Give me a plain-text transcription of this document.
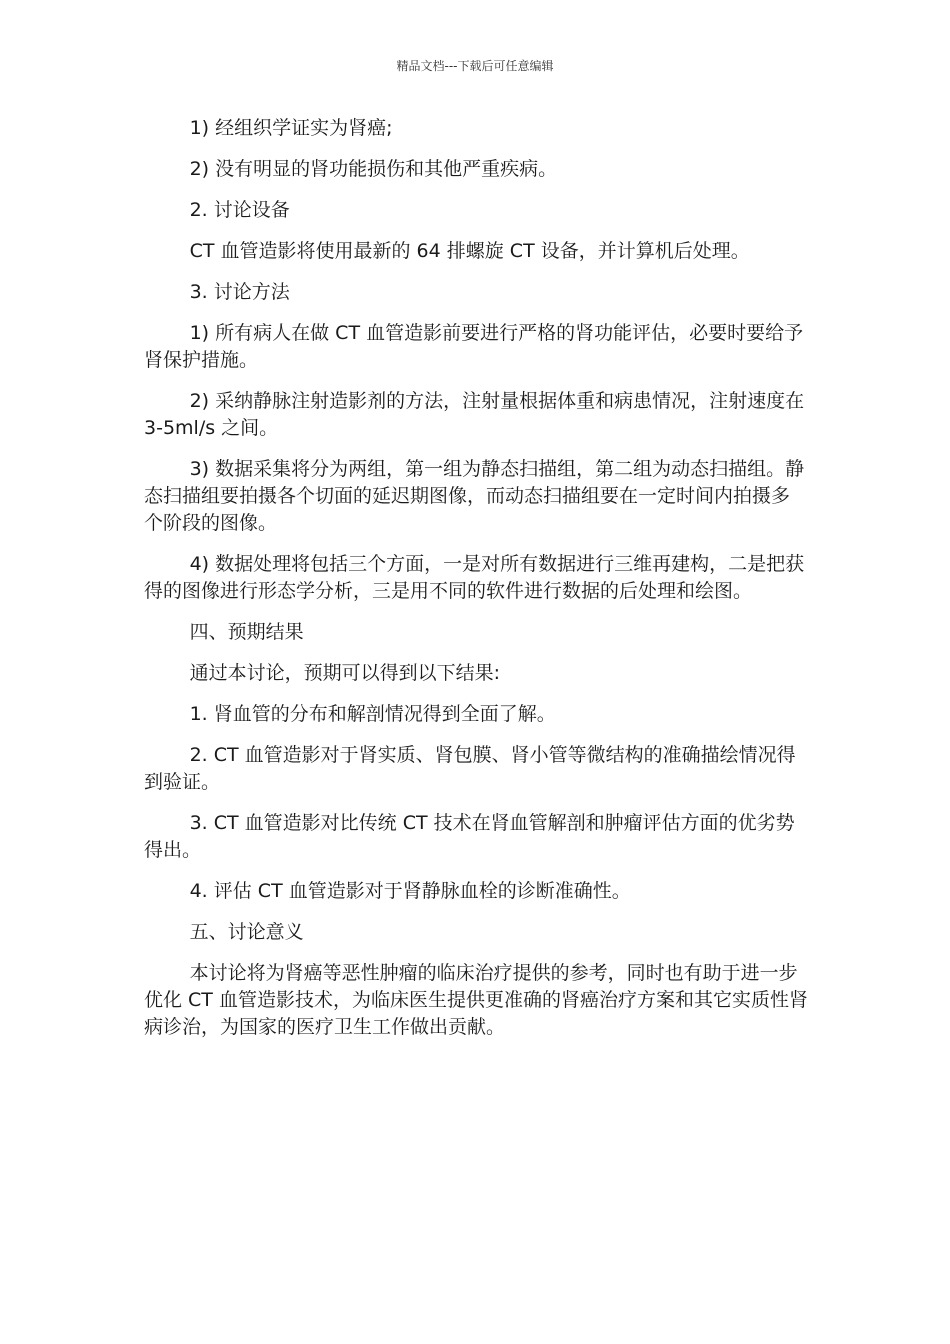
精品文档---下载后可任意编辑

1) 经组织学证实为肾癌;

2) 没有明显的肾功能损伤和其他严重疾病。

2. 讨论设备

CT 血管造影将使用最新的 64 排螺旋 CT 设备，并计算机后处理。

3. 讨论方法

1) 所有病人在做 CT 血管造影前要进行严格的肾功能评估，必要时要给予肾保护措施。

2) 采纳静脉注射造影剂的方法，注射量根据体重和病患情况，注射速度在 3-5ml/s 之间。

3) 数据采集将分为两组，第一组为静态扫描组，第二组为动态扫描组。静态扫描组要拍摄各个切面的延迟期图像，而动态扫描组要在一定时间内拍摄多个阶段的图像。

4) 数据处理将包括三个方面，一是对所有数据进行三维再建构，二是把获得的图像进行形态学分析，三是用不同的软件进行数据的后处理和绘图。

四、预期结果

通过本讨论，预期可以得到以下结果:

1. 肾血管的分布和解剖情况得到全面了解。

2. CT 血管造影对于肾实质、肾包膜、肾小管等微结构的准确描绘情况得到验证。

3. CT 血管造影对比传统 CT 技术在肾血管解剖和肿瘤评估方面的优劣势得出。

4. 评估 CT 血管造影对于肾静脉血栓的诊断准确性。

五、讨论意义

本讨论将为肾癌等恶性肿瘤的临床治疗提供的参考，同时也有助于进一步优化 CT 血管造影技术，为临床医生提供更准确的肾癌治疗方案和其它实质性肾病诊治，为国家的医疗卫生工作做出贡献。
